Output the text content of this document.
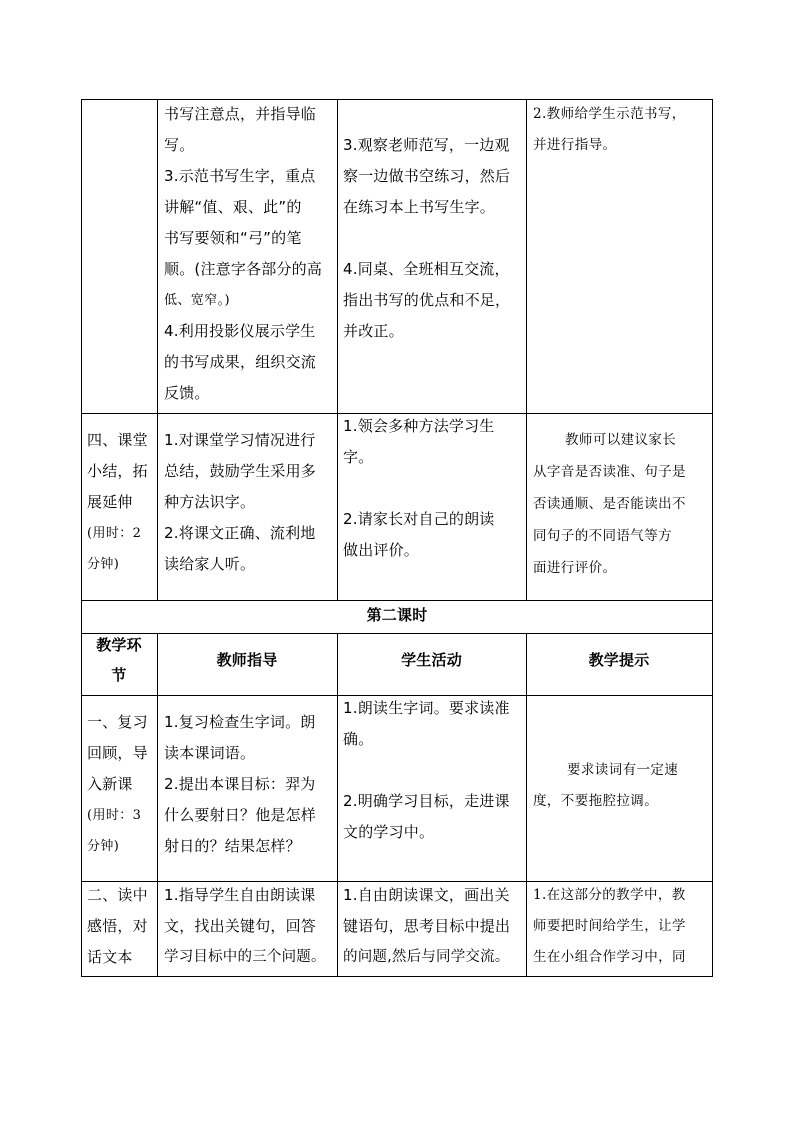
书写注意点，并指导临
写。
3.示范书写生字，重点
讲解“值、艰、此”的
书写要领和“弓”的笔
顺。(注意字各部分的高
低、宽窄。)
4.利用投影仪展示学生
的书写成果，组织交流
反馈。
3.观察老师范写，一边观
察一边做书空练习，然后
在练习本上书写生字。
4.同桌、全班相互交流，
指出书写的优点和不足，
并改正。
2.教师给学生示范书写，
并进行指导。
四、课堂
小结，拓
展延伸
(用时：2
分钟)
1.对课堂学习情况进行
总结，鼓励学生采用多
种方法识字。
2.将课文正确、流利地
读给家人听。
1.领会多种方法学习生
字。
2.请家长对自己的朗读
做出评价。
教师可以建议家长
从字音是否读准、句子是
否读通顺、是否能读出不
同句子的不同语气等方
面进行评价。
第二课时
教学环
节
教师指导	学生活动	教学提示
一、复习
回顾，导
入新课
(用时：3
分钟)
1.复习检查生字词。朗
读本课词语。
2.提出本课目标：羿为
什么要射日？他是怎样
射日的？结果怎样？
1.朗读生字词。要求读准
确。
2.明确学习目标，走进课
文的学习中。
要求读词有一定速
度，不要拖腔拉调。
二、读中
感悟，对
话文本
1.指导学生自由朗读课
文，找出关键句，回答
学习目标中的三个问题。
1.自由朗读课文，画出关
键语句，思考目标中提出
的问题,然后与同学交流。
1.在这部分的教学中，教
师要把时间给学生，让学
生在小组合作学习中，同
